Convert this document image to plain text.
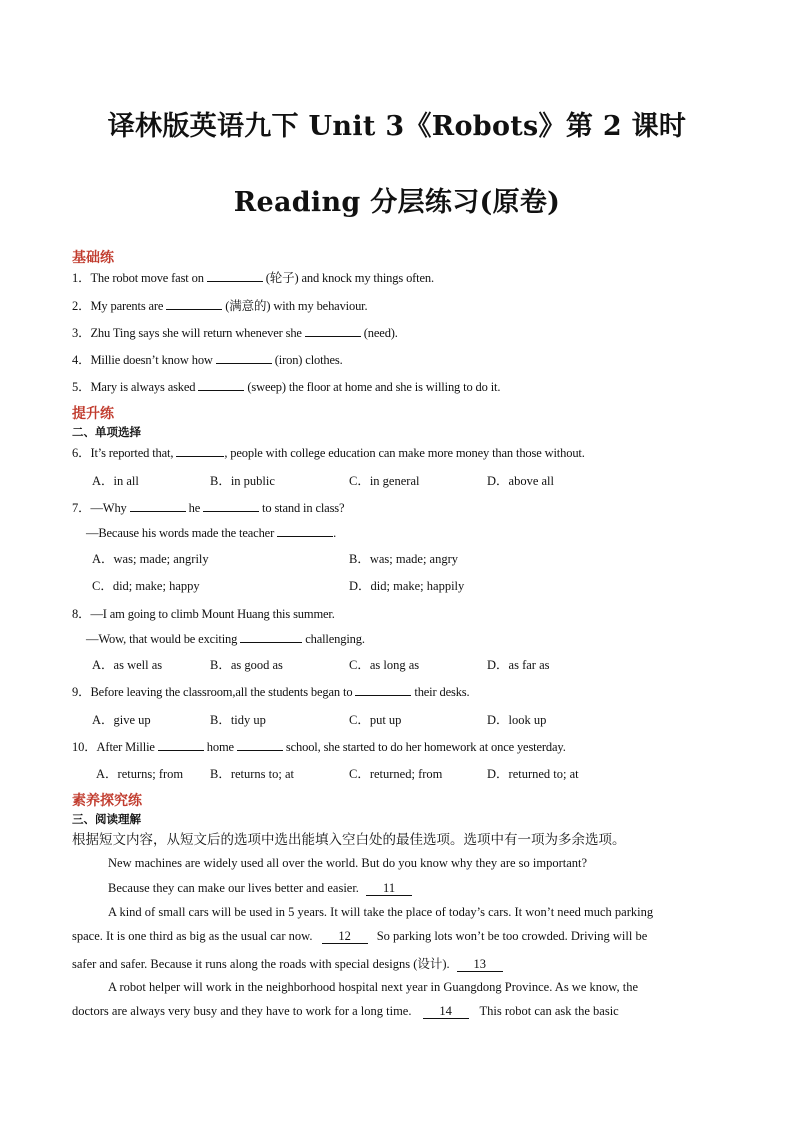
译林版英语九下 Unit 3《Robots》第 2 课时
Reading 分层练习(原卷)
基础练
1．The robot move fast on	(轮子) and knock my things often.
2．My parents are	(满意的) with my behaviour.
3．Zhu Ting says she will return whenever she	(need).
4．Millie doesn’t know how	(iron) clothes.
5．Mary is always asked	(sweep) the floor at home and she is willing to do it.
提升练
二、单项选择
6．It’s reported that,	, people with college education can make more money than those without.
A．in all	B．in public	C．in general	D．above all
7．—Why	he	to stand in class?
—Because his words made the teacher	.
A．was; made; angrily	B．was; made; angry
C．did; make; happy	D．did; make; happily
8．—I am going to climb Mount Huang this summer.
—Wow, that would be exciting	challenging.
A．as well as	B．as good as	C．as long as	D．as far as
9．Before leaving the classroom,all the students began to	their desks.
A．give up	B．tidy up	C．put up	D．look up
10．After Millie	home	school, she started to do her homework at once yesterday.
A．returns; from B．returns to; at	C．returned; from	D．returned to; at
素养探究练
三、阅读理解
根据短文内容，从短文后的选项中选出能填入空白处的最佳选项。选项中有一项为多余选项。
New machines are widely used all over the world. But do you know why they are so important?
Because they can make our lives better and easier. 11
A kind of small cars will be used in 5 years. It will take the place of today’s cars. It won’t need much parking
space. It is one third as big as the usual car now. 12 So parking lots won’t be too crowded. Driving will be
safer and safer. Because it runs along the roads with special designs (设计). 13
A robot helper will work in the neighborhood hospital next year in Guangdong Province. As we know, the
doctors are always very busy and they have to work for a long time. 14 This robot can ask the basic
